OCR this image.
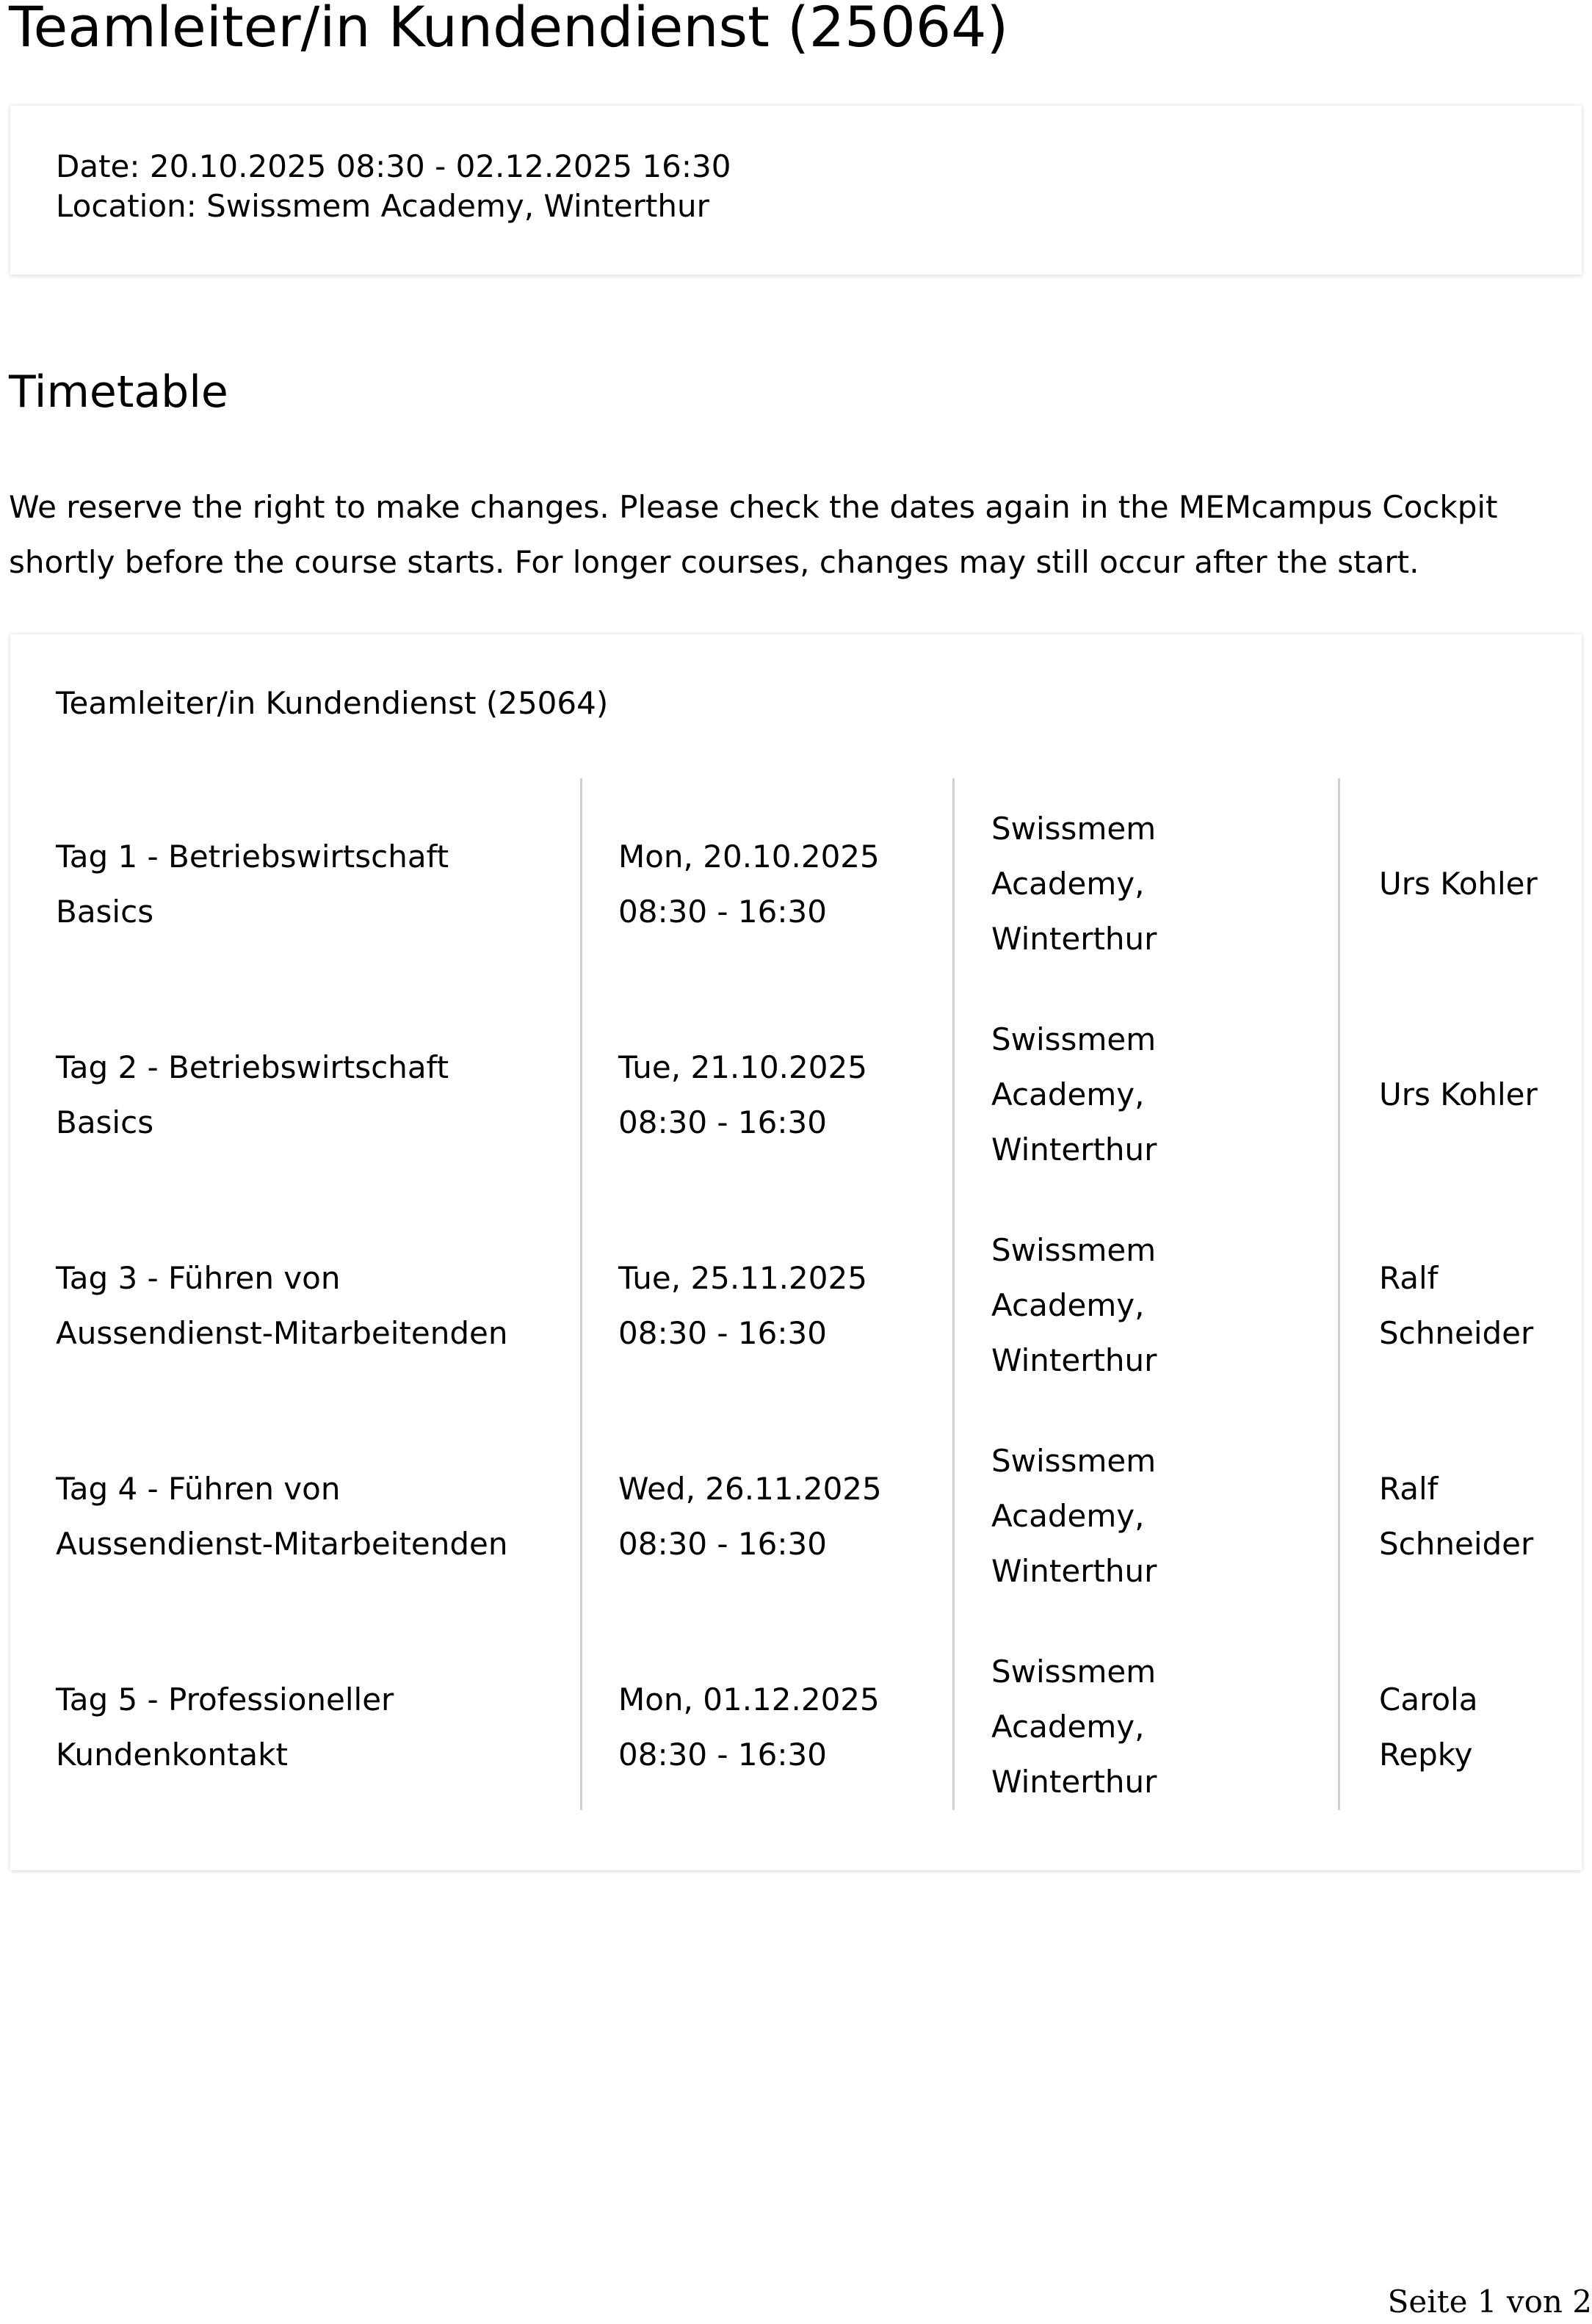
Teamleiter/in Kundendienst (25064)
Date: 20.10.2025 08:30 - 02.12.2025 16:30
Location: Swissmem Academy, Winterthur
Timetable

We reserve the right to make changes. Please check the dates again in the MEMcampus Cockpit shortly before the course starts. For longer courses, changes may still occur after the start.

Teamleiter/in Kundendienst (25064)
Tag 1 - Betriebswirtschaft Basics
Mon, 20.10.2025 08:30 - 16:30
Swissmem Academy, Winterthur
Urs Kohler
Tag 2 - Betriebswirtschaft Basics
Tue, 21.10.2025 08:30 - 16:30
Swissmem Academy, Winterthur
Urs Kohler
Tag 3 - Führen von Aussendienst-Mitarbeitenden
Tue, 25.11.2025 08:30 - 16:30
Swissmem Academy, Winterthur
Ralf Schneider
Tag 4 - Führen von Aussendienst-Mitarbeitenden
Wed, 26.11.2025 08:30 - 16:30
Swissmem Academy, Winterthur
Ralf Schneider
Tag 5 - Professioneller Kundenkontakt
Mon, 01.12.2025 08:30 - 16:30
Swissmem Academy, Winterthur
Carola Repky
Seite 1 von 2
